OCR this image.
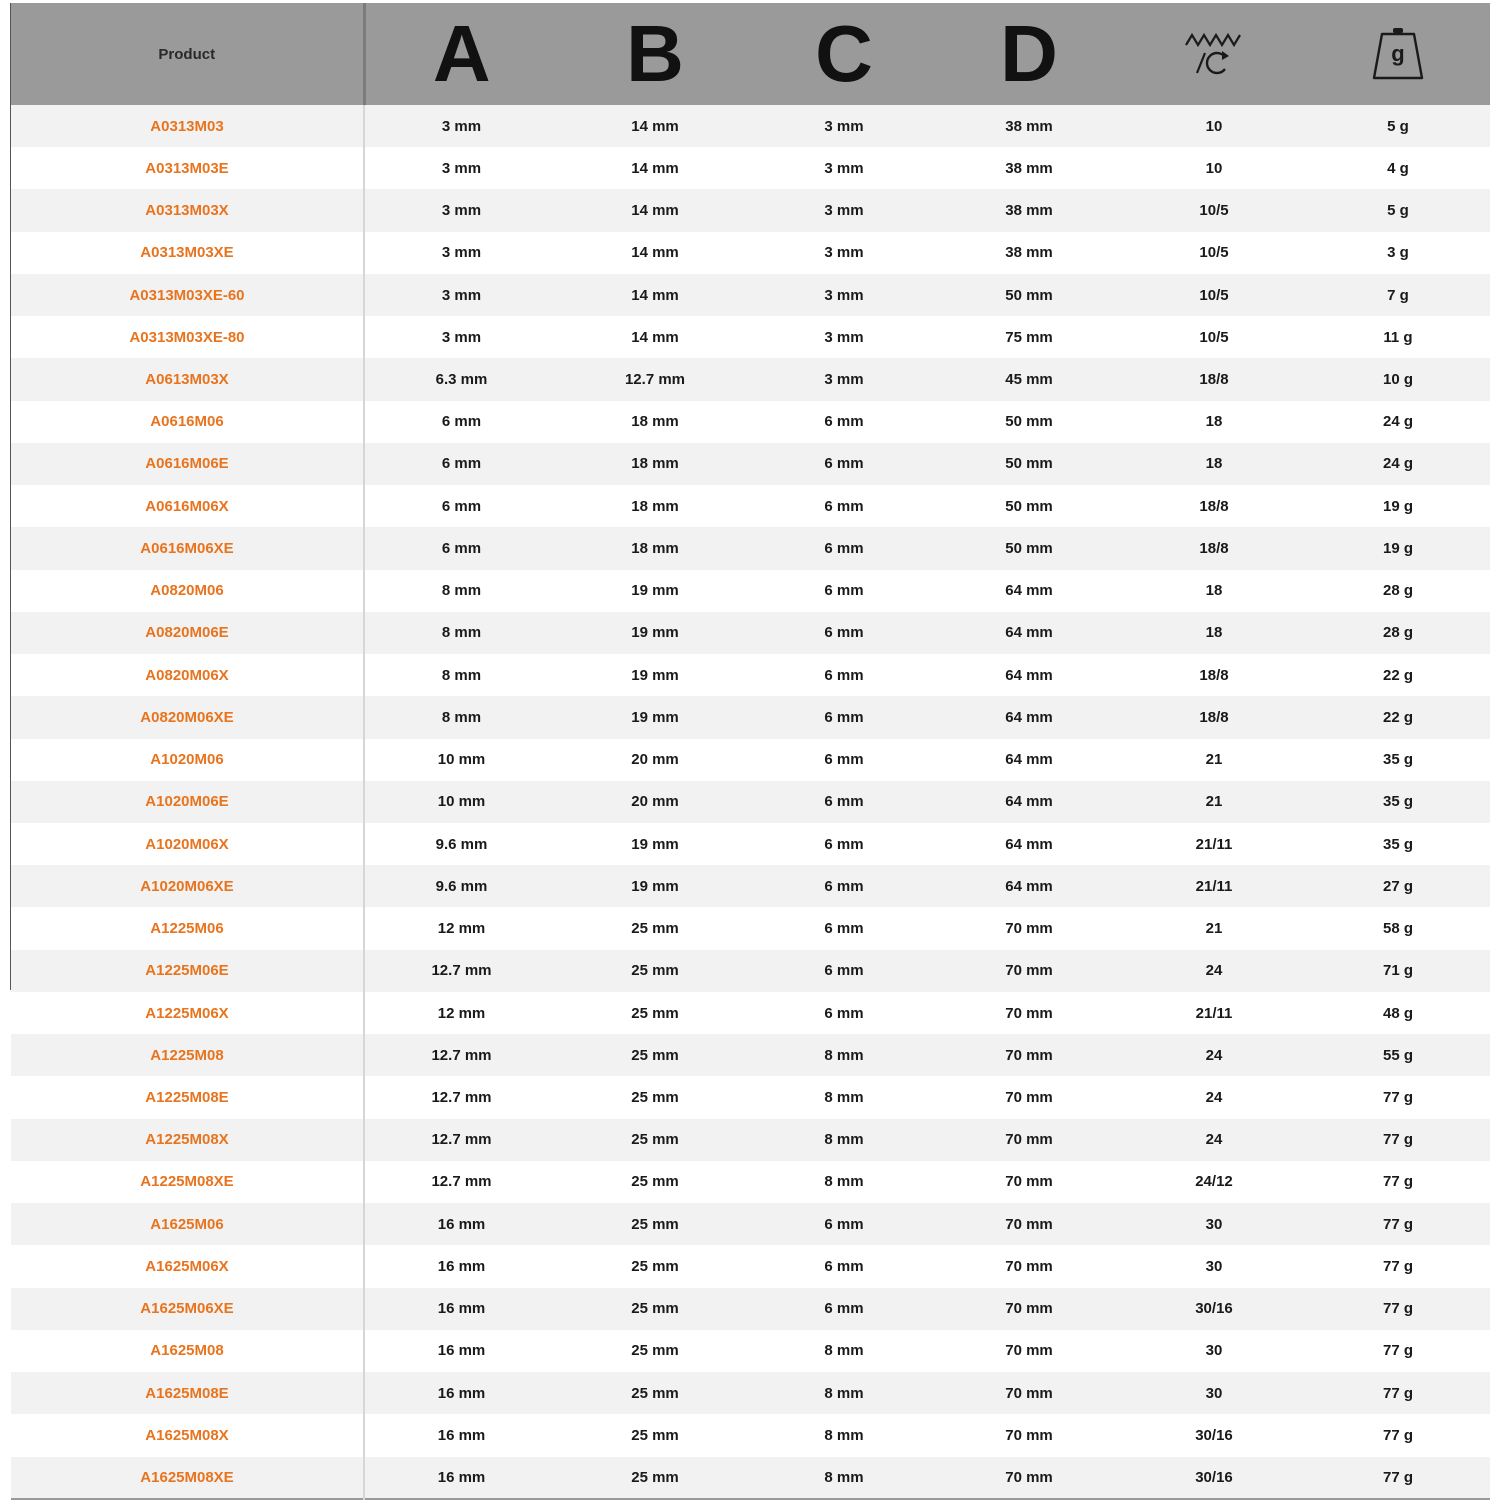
Product	A	B	C	D		g

A0313M03	3 mm	14 mm	3 mm	38 mm	10	5 g
A0313M03E	3 mm	14 mm	3 mm	38 mm	10	4 g
A0313M03X	3 mm	14 mm	3 mm	38 mm	10/5	5 g
A0313M03XE	3 mm	14 mm	3 mm	38 mm	10/5	3 g
A0313M03XE-60	3 mm	14 mm	3 mm	50 mm	10/5	7 g
A0313M03XE-80	3 mm	14 mm	3 mm	75 mm	10/5	11 g
A0613M03X	6.3 mm	12.7 mm	3 mm	45 mm	18/8	10 g
A0616M06	6 mm	18 mm	6 mm	50 mm	18	24 g
A0616M06E	6 mm	18 mm	6 mm	50 mm	18	24 g
A0616M06X	6 mm	18 mm	6 mm	50 mm	18/8	19 g
A0616M06XE	6 mm	18 mm	6 mm	50 mm	18/8	19 g
A0820M06	8 mm	19 mm	6 mm	64 mm	18	28 g
A0820M06E	8 mm	19 mm	6 mm	64 mm	18	28 g
A0820M06X	8 mm	19 mm	6 mm	64 mm	18/8	22 g
A0820M06XE	8 mm	19 mm	6 mm	64 mm	18/8	22 g
A1020M06	10 mm	20 mm	6 mm	64 mm	21	35 g
A1020M06E	10 mm	20 mm	6 mm	64 mm	21	35 g
A1020M06X	9.6 mm	19 mm	6 mm	64 mm	21/11	35 g
A1020M06XE	9.6 mm	19 mm	6 mm	64 mm	21/11	27 g
A1225M06	12 mm	25 mm	6 mm	70 mm	21	58 g
A1225M06E	12.7 mm	25 mm	6 mm	70 mm	24	71 g
A1225M06X	12 mm	25 mm	6 mm	70 mm	21/11	48 g
A1225M08	12.7 mm	25 mm	8 mm	70 mm	24	55 g
A1225M08E	12.7 mm	25 mm	8 mm	70 mm	24	77 g
A1225M08X	12.7 mm	25 mm	8 mm	70 mm	24	77 g
A1225M08XE	12.7 mm	25 mm	8 mm	70 mm	24/12	77 g
A1625M06	16 mm	25 mm	6 mm	70 mm	30	77 g
A1625M06X	16 mm	25 mm	6 mm	70 mm	30	77 g
A1625M06XE	16 mm	25 mm	6 mm	70 mm	30/16	77 g
A1625M08	16 mm	25 mm	8 mm	70 mm	30	77 g
A1625M08E	16 mm	25 mm	8 mm	70 mm	30	77 g
A1625M08X	16 mm	25 mm	8 mm	70 mm	30/16	77 g
A1625M08XE	16 mm	25 mm	8 mm	70 mm	30/16	77 g
